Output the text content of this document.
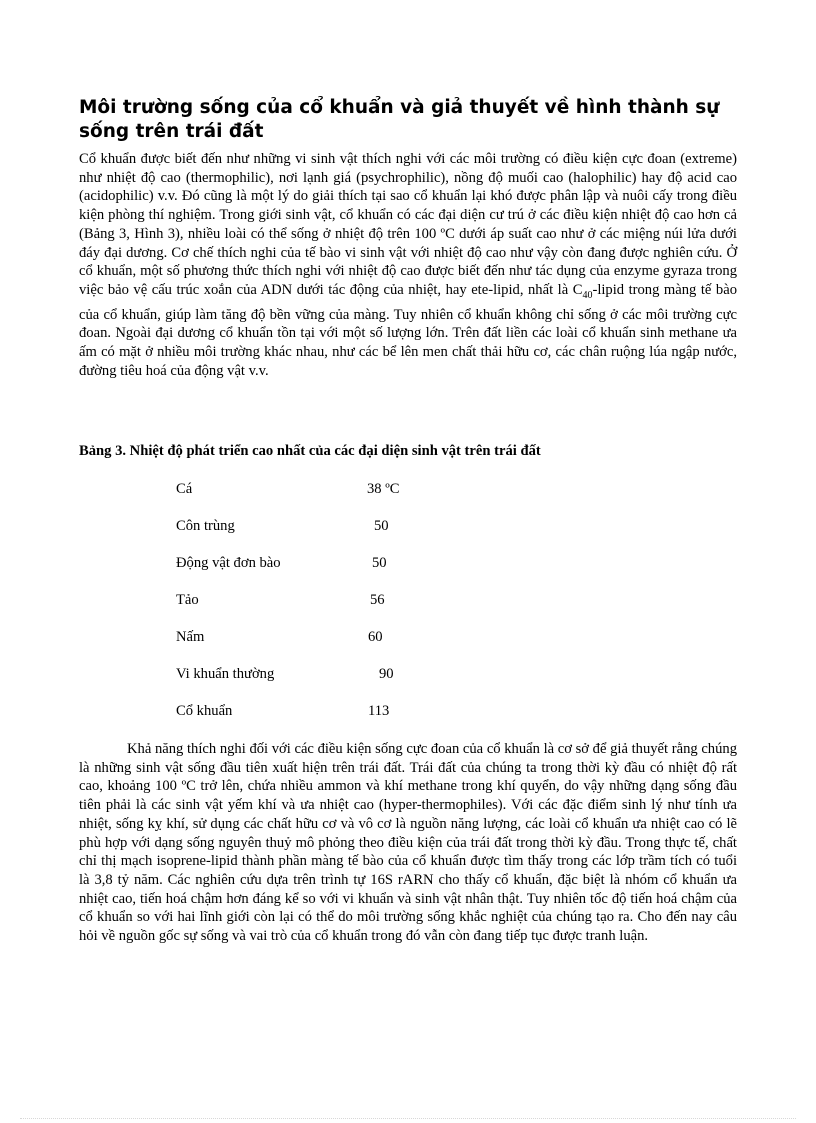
Môi trường sống của cổ khuẩn và giả thuyết về hình thành sự sống trên trái đất

Cổ khuẩn được biết đến như những vi sinh vật thích nghi với các môi trường có điều kiện cực đoan (extreme) như nhiệt độ cao (thermophilic), nơi lạnh giá (psychrophilic), nồng độ muối cao (halophilic) hay độ acid cao (acidophilic) v.v. Đó cũng là một lý do giải thích tại sao cổ khuẩn lại khó được phân lập và nuôi cấy trong điều kiện phòng thí nghiệm. Trong giới sinh vật, cổ khuẩn có các đại diện cư trú ở các điều kiện nhiệt độ cao hơn cả (Bảng 3, Hình 3), nhiều loài có thể sống ở nhiệt độ trên 100 ºC dưới áp suất cao như ở các miệng núi lửa dưới đáy đại dương. Cơ chế thích nghi của tế bào vi sinh vật với nhiệt độ cao như vậy còn đang được nghiên cứu. Ở cổ khuẩn, một số phương thức thích nghi với nhiệt độ cao được biết đến như tác dụng của enzyme gyraza trong việc bảo vệ cấu trúc xoắn của ADN dưới tác động của nhiệt, hay ete-lipid, nhất là $C_{40}$-lipid trong màng tế bào của cổ khuẩn, giúp làm tăng độ bền vững của màng. Tuy nhiên cổ khuẩn không chỉ sống ở các môi trường cực đoan. Ngoài đại dương cổ khuẩn tồn tại với một số lượng lớn. Trên đất liền các loài cổ khuẩn sinh methane ưa ấm có mặt ở nhiều môi trường khác nhau, như các bể lên men chất thải hữu cơ, các chân ruộng lúa ngập nước, đường tiêu hoá của động vật v.v.

Bảng 3. Nhiệt độ phát triển cao nhất của các đại diện sinh vật trên trái đất

Cá	38 ºC
Côn trùng	50
Động vật đơn bào	50
Tảo	56
Nấm	60
Vi khuẩn thường	90
Cổ khuẩn	113

Khả năng thích nghi đối với các điều kiện sống cực đoan của cổ khuẩn là cơ sở để giả thuyết rằng chúng là những sinh vật sống đầu tiên xuất hiện trên trái đất. Trái đất của chúng ta trong thời kỳ đầu có nhiệt độ rất cao, khoảng 100 ºC trở lên, chứa nhiều ammon và khí methane trong khí quyển, do vậy những dạng sống đầu tiên phải là các sinh vật yếm khí và ưa nhiệt cao (hyper-thermophiles). Với các đặc điểm sinh lý như tính ưa nhiệt, sống kỵ khí, sử dụng các chất hữu cơ và vô cơ là nguồn năng lượng, các loài cổ khuẩn ưa nhiệt cao có lẽ phù hợp với dạng sống nguyên thuỷ mô phỏng theo điều kiện của trái đất trong thời kỳ đầu. Trong thực tế, chất chỉ thị mạch isoprene-lipid thành phần màng tế bào của cổ khuẩn được tìm thấy trong các lớp trầm tích có tuổi là 3,8 tỷ năm. Các nghiên cứu dựa trên trình tự 16S rARN cho thấy cổ khuẩn, đặc biệt là nhóm cổ khuẩn ưa nhiệt cao, tiến hoá chậm hơn đáng kể so với vi khuẩn và sinh vật nhân thật. Tuy nhiên tốc độ tiến hoá chậm của cổ khuẩn so với hai lĩnh giới còn lại có thể do môi trường sống khắc nghiệt của chúng tạo ra. Cho đến nay câu hỏi về nguồn gốc sự sống và vai trò của cổ khuẩn trong đó vẫn còn đang tiếp tục được tranh luận.
